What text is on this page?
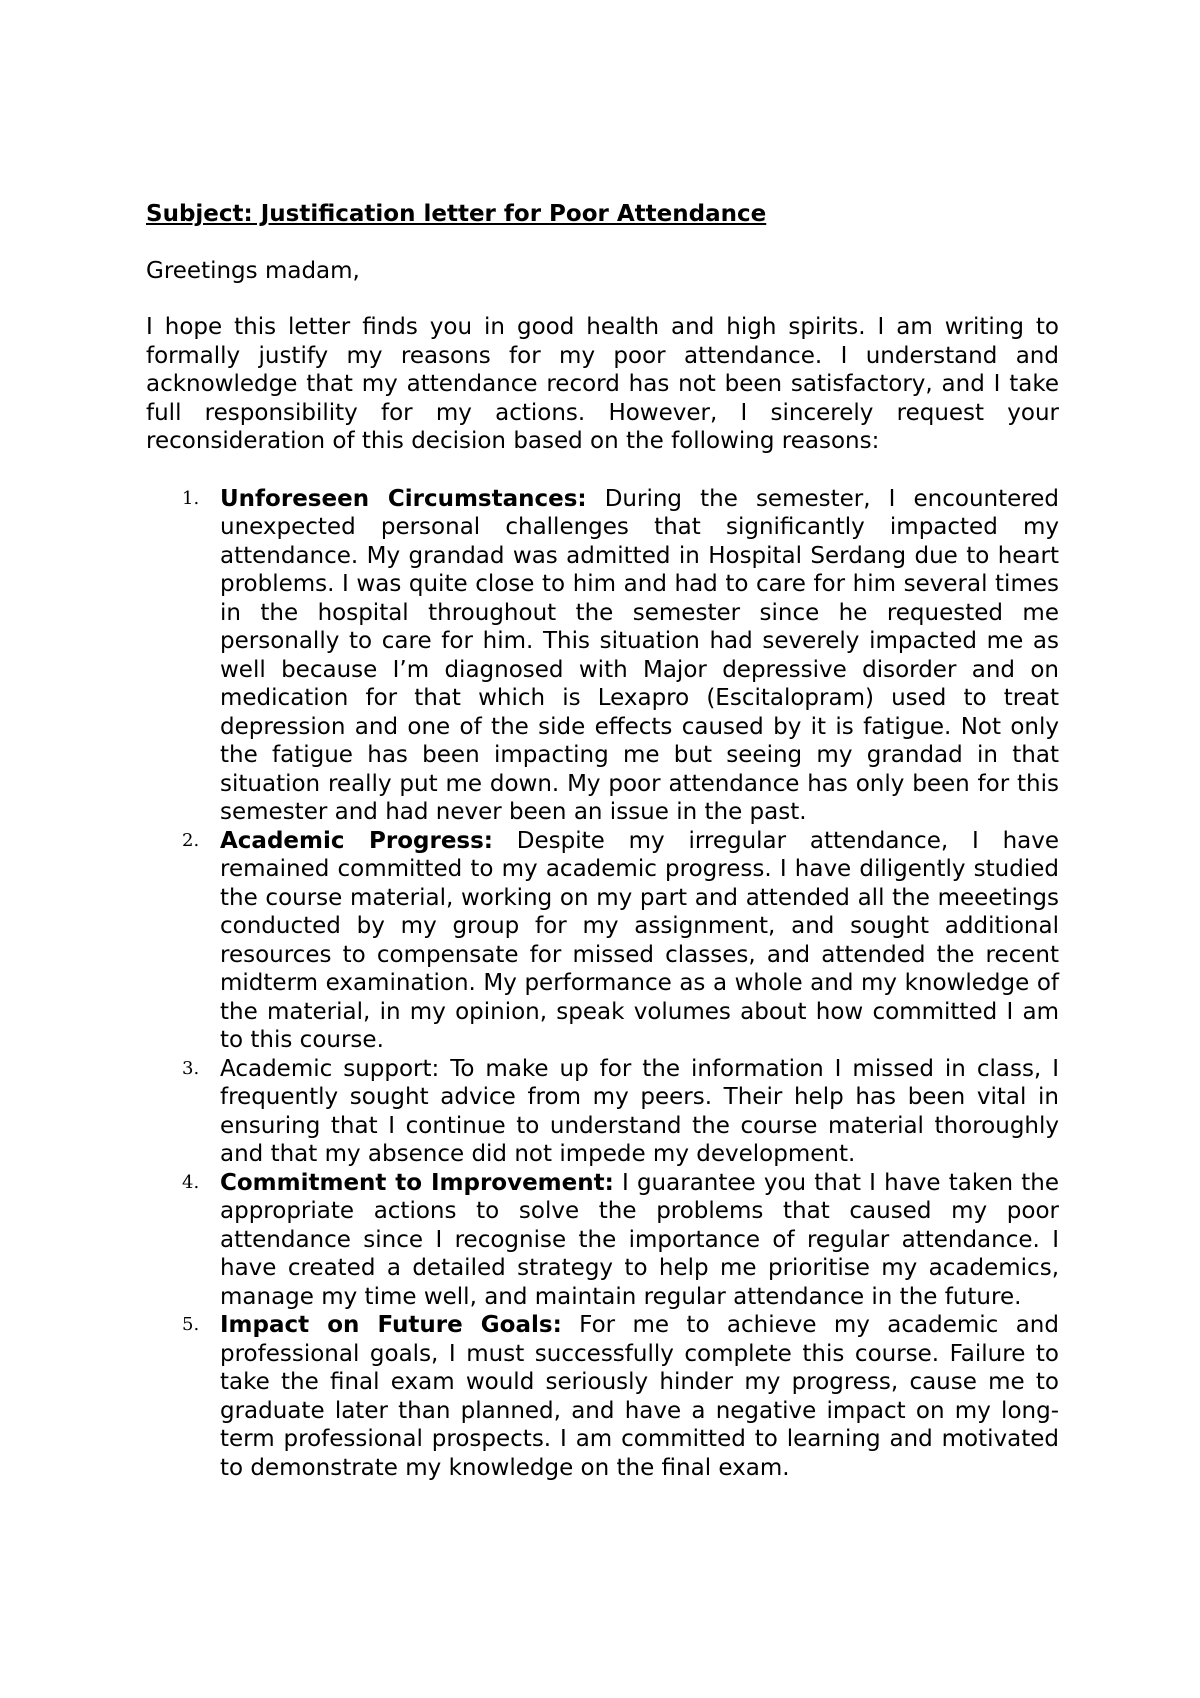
Subject: Justification letter for Poor Attendance

Greetings madam,

I hope this letter finds you in good health and high spirits. I am writing to formally justify my reasons for my poor attendance. I understand and acknowledge that my attendance record has not been satisfactory, and I take full responsibility for my actions. However, I sincerely request your reconsideration of this decision based on the following reasons:

1. Unforeseen Circumstances: During the semester, I encountered unexpected personal challenges that significantly impacted my attendance. My grandad was admitted in Hospital Serdang due to heart problems. I was quite close to him and had to care for him several times in the hospital throughout the semester since he requested me personally to care for him. This situation had severely impacted me as well because I’m diagnosed with Major depressive disorder and on medication for that which is Lexapro (Escitalopram) used to treat depression and one of the side effects caused by it is fatigue. Not only the fatigue has been impacting me but seeing my grandad in that situation really put me down. My poor attendance has only been for this semester and had never been an issue in the past.
2. Academic Progress: Despite my irregular attendance, I have remained committed to my academic progress. I have diligently studied the course material, working on my part and attended all the meeetings conducted by my group for my assignment, and sought additional resources to compensate for missed classes, and attended the recent midterm examination. My performance as a whole and my knowledge of the material, in my opinion, speak volumes about how committed I am to this course.
3. Academic support: To make up for the information I missed in class, I frequently sought advice from my peers. Their help has been vital in ensuring that I continue to understand the course material thoroughly and that my absence did not impede my development.
4. Commitment to Improvement: I guarantee you that I have taken the appropriate actions to solve the problems that caused my poor attendance since I recognise the importance of regular attendance. I have created a detailed strategy to help me prioritise my academics, manage my time well, and maintain regular attendance in the future.
5. Impact on Future Goals: For me to achieve my academic and professional goals, I must successfully complete this course. Failure to take the final exam would seriously hinder my progress, cause me to graduate later than planned, and have a negative impact on my long-term professional prospects. I am committed to learning and motivated to demonstrate my knowledge on the final exam.
